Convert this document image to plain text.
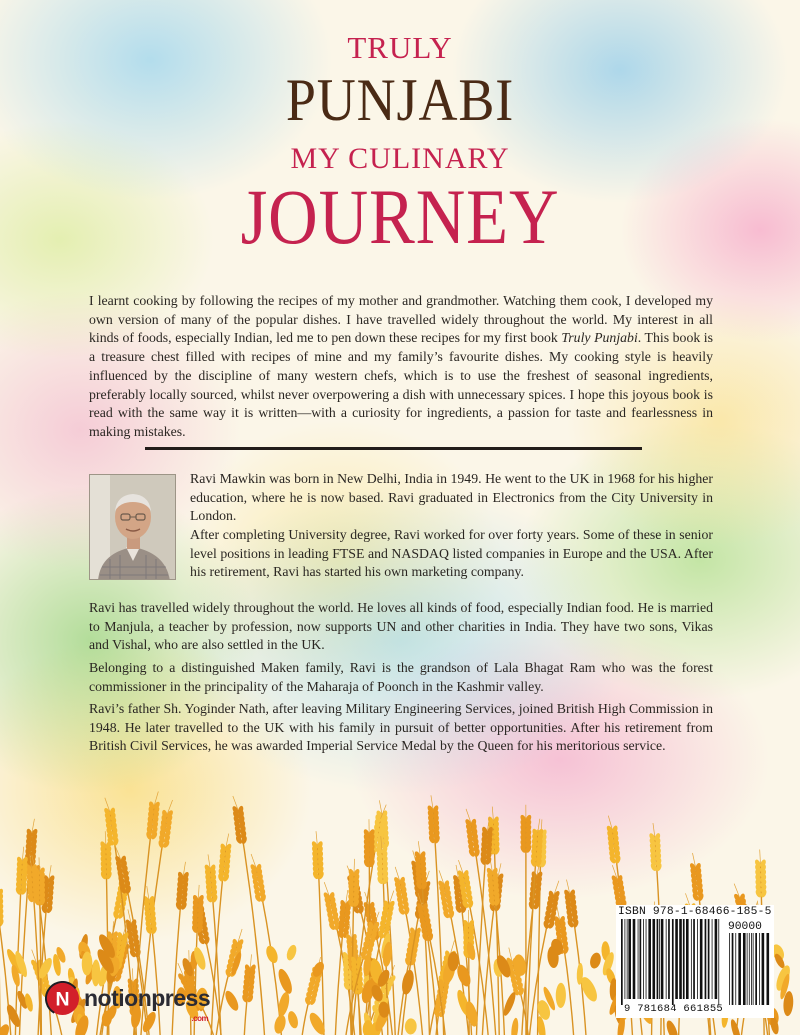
TRULY
PUNJABI
MY CULINARY
JOURNEY

I learnt cooking by following the recipes of my mother and grandmother. Watching them cook, I developed my own version of many of the popular dishes. I have travelled widely throughout the world. My interest in all kinds of foods, especially Indian, led me to pen down these recipes for my first book Truly Punjabi. This book is a treasure chest filled with recipes of mine and my family’s favourite dishes. My cooking style is heavily influenced by the discipline of many western chefs, which is to use the freshest of seasonal ingredients, preferably locally sourced, whilst never overpowering a dish with unnecessary spices. I hope this joyous book is read with the same way it is written—with a curiosity for ingredients, a passion for taste and fearlessness in making mistakes.

Ravi Mawkin was born in New Delhi, India in 1949. He went to the UK in 1968 for his higher education, where he is now based. Ravi graduated in Electronics from the City University in London.

After completing University degree, Ravi worked for over forty years. Some of these in senior level positions in leading FTSE and NASDAQ listed companies in Europe and the USA. After his retirement, Ravi has started his own marketing company.

Ravi has travelled widely throughout the world. He loves all kinds of food, especially Indian food. He is married to Manjula, a teacher by profession, now supports UN and other charities in India. They have two sons, Vikas and Vishal, who are also settled in the UK.

Belonging to a distinguished Maken family, Ravi is the grandson of Lala Bhagat Ram who was the forest commissioner in the principality of the Maharaja of Poonch in the Kashmir valley.

Ravi’s father Sh. Yoginder Nath, after leaving Military Engineering Services, joined British High Commission in 1948. He later travelled to the UK with his family in pursuit of better opportunities. After his retirement from British Civil Services, he was awarded Imperial Service Medal by the Queen for his meritorious service.

ISBN 978-1-68466-185-5
90000
9 781684 661855
N notionpress
.com
